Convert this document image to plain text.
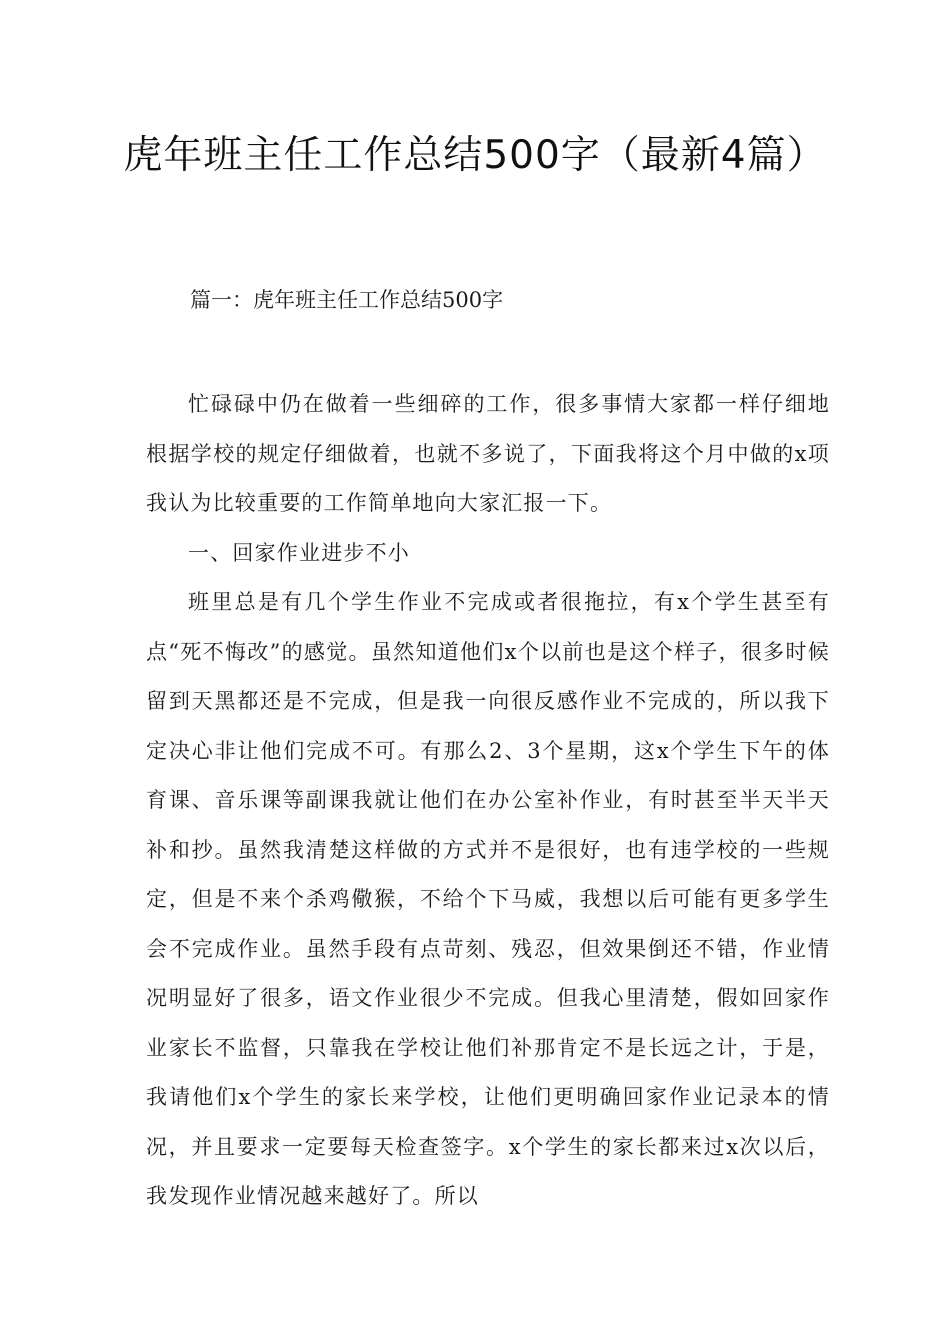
虎年班主任工作总结500字（最新4篇）
篇一：虎年班主任工作总结500字

忙碌碌中仍在做着一些细碎的工作，很多事情大家都一样仔细地根据学校的规定仔细做着，也就不多说了，下面我将这个月中做的x项我认为比较重要的工作简单地向大家汇报一下。

一、回家作业进步不小

班里总是有几个学生作业不完成或者很拖拉，有x个学生甚至有点“死不悔改”的感觉。虽然知道他们x个以前也是这个样子，很多时候留到天黑都还是不完成，但是我一向很反感作业不完成的，所以我下定决心非让他们完成不可。有那么2、3个星期，这x个学生下午的体育课、音乐课等副课我就让他们在办公室补作业，有时甚至半天半天补和抄。虽然我清楚这样做的方式并不是很好，也有违学校的一些规定，但是不来个杀鸡儆猴，不给个下马威，我想以后可能有更多学生会不完成作业。虽然手段有点苛刻、残忍，但效果倒还不错，作业情况明显好了很多，语文作业很少不完成。但我心里清楚，假如回家作业家长不监督，只靠我在学校让他们补那肯定不是长远之计，于是，我请他们x个学生的家长来学校，让他们更明确回家作业记录本的情况，并且要求一定要每天检查签字。x个学生的家长都来过x次以后，我发现作业情况越来越好了。所以
